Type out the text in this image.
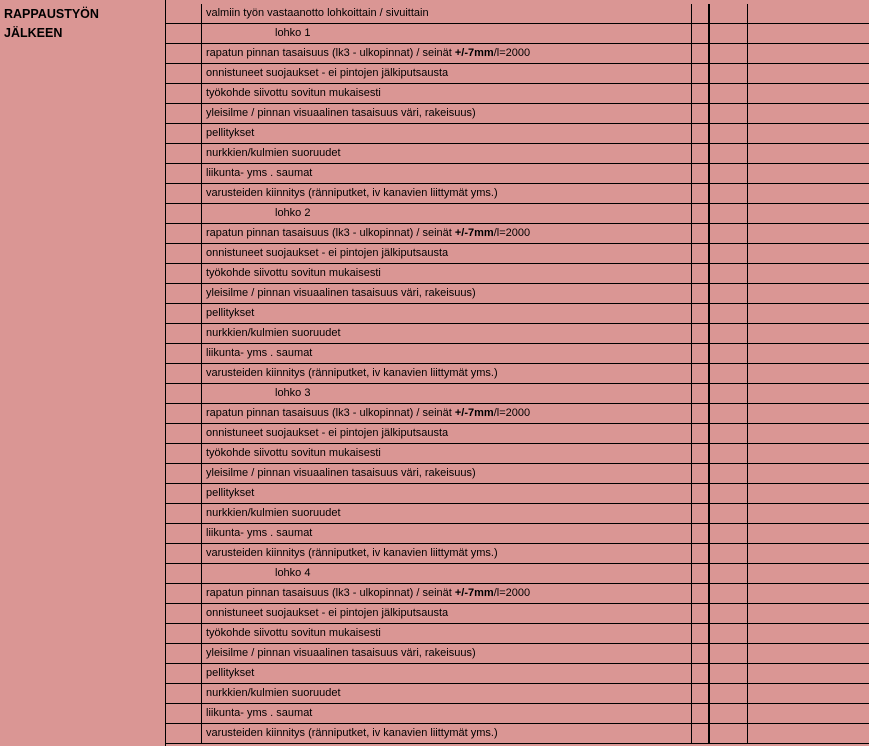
RAPPAUSTYÖN
JÄLKEEN
valmiin työn vastaanotto lohkoittain / sivuittain
lohko 1
rapatun pinnan tasaisuus (lk3 - ulkopinnat) / seinät +/-7mm/l=2000
onnistuneet suojaukset - ei pintojen jälkiputsausta
työkohde siivottu sovitun mukaisesti
yleisilme / pinnan visuaalinen tasaisuus väri, rakeisuus)
pellitykset
nurkkien/kulmien suoruudet
liikunta- yms . saumat
varusteiden kiinnitys (ränniputket, iv kanavien liittymät yms.)
lohko 2
rapatun pinnan tasaisuus (lk3 - ulkopinnat) / seinät +/-7mm/l=2000
onnistuneet suojaukset - ei pintojen jälkiputsausta
työkohde siivottu sovitun mukaisesti
yleisilme / pinnan visuaalinen tasaisuus väri, rakeisuus)
pellitykset
nurkkien/kulmien suoruudet
liikunta- yms . saumat
varusteiden kiinnitys (ränniputket, iv kanavien liittymät yms.)
lohko 3
rapatun pinnan tasaisuus (lk3 - ulkopinnat) / seinät +/-7mm/l=2000
onnistuneet suojaukset - ei pintojen jälkiputsausta
työkohde siivottu sovitun mukaisesti
yleisilme / pinnan visuaalinen tasaisuus väri, rakeisuus)
pellitykset
nurkkien/kulmien suoruudet
liikunta- yms . saumat
varusteiden kiinnitys (ränniputket, iv kanavien liittymät yms.)
lohko 4
rapatun pinnan tasaisuus (lk3 - ulkopinnat) / seinät +/-7mm/l=2000
onnistuneet suojaukset - ei pintojen jälkiputsausta
työkohde siivottu sovitun mukaisesti
yleisilme / pinnan visuaalinen tasaisuus väri, rakeisuus)
pellitykset
nurkkien/kulmien suoruudet
liikunta- yms . saumat
varusteiden kiinnitys (ränniputket, iv kanavien liittymät yms.)
